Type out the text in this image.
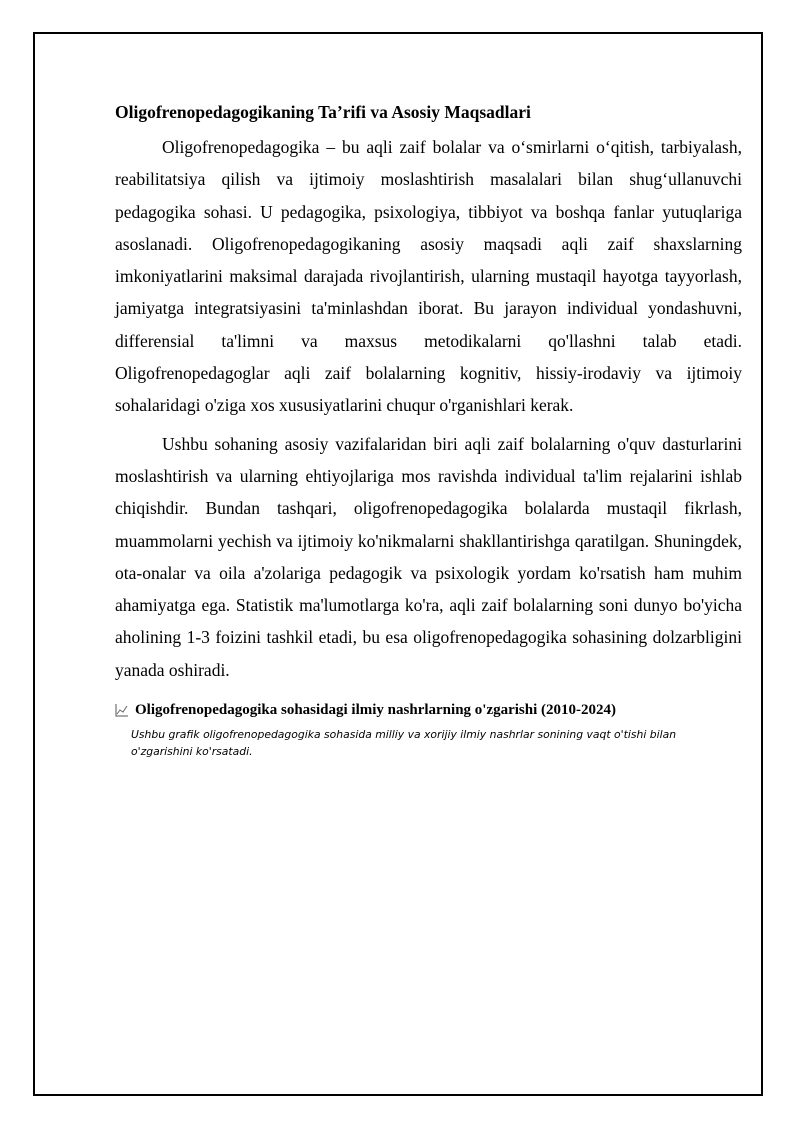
Oligofrenopedagogikaning Ta’rifi va Asosiy Maqsadlari

Oligofrenopedagogika – bu aqli zaif bolalar va o‘smirlarni o‘qitish, tarbiyalash, reabilitatsiya qilish va ijtimoiy moslashtirish masalalari bilan shug‘ullanuvchi pedagogika sohasi. U pedagogika, psixologiya, tibbiyot va boshqa fanlar yutuqlariga asoslanadi. Oligofrenopedagogikaning asosiy maqsadi aqli zaif shaxslarning imkoniyatlarini maksimal darajada rivojlantirish, ularning mustaqil hayotga tayyorlash, jamiyatga integratsiyasini ta'minlashdan iborat. Bu jarayon individual yondashuvni, differensial ta'limni va maxsus metodikalarni qo'llashni talab etadi. Oligofrenopedagoglar aqli zaif bolalarning kognitiv, hissiy-irodaviy va ijtimoiy sohalaridagi o'ziga xos xususiyatlarini chuqur o'rganishlari kerak.

Ushbu sohaning asosiy vazifalaridan biri aqli zaif bolalarning o'quv dasturlarini moslashtirish va ularning ehtiyojlariga mos ravishda individual ta'lim rejalarini ishlab chiqishdir. Bundan tashqari, oligofrenopedagogika bolalarda mustaqil fikrlash, muammolarni yechish va ijtimoiy ko'nikmalarni shakllantirishga qaratilgan. Shuningdek, ota-onalar va oila a'zolariga pedagogik va psixologik yordam ko'rsatish ham muhim ahamiyatga ega. Statistik ma'lumotlarga ko'ra, aqli zaif bolalarning soni dunyo bo'yicha aholining 1-3 foizini tashkil etadi, bu esa oligofrenopedagogika sohasining dolzarbligini yanada oshiradi.

Oligofrenopedagogika sohasidagi ilmiy nashrlarning o'zgarishi (2010-2024)

Ushbu grafik oligofrenopedagogika sohasida milliy va xorijiy ilmiy nashrlar sonining vaqt o'tishi bilan o'zgarishini ko'rsatadi.
